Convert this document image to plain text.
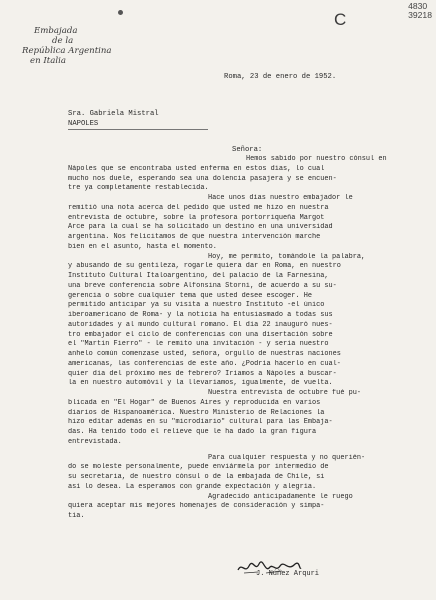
Embajada
de la
República Argentina
en Italia
C
4830
39218
Roma, 23 de enero de 1952.
Sra. Gabriela Mistral
NAPOLES
Señora:
Hemos sabido por nuestro cónsul en
Nápoles que se encontraba usted enferma en estos días, lo cual
mucho nos duele, esperando sea una dolencia pasajera y se encuen-
tre ya completamente restablecida.
Hace unos días nuestro embajador le
remitió una nota acerca del pedido que usted me hizo en nuestra
entrevista de octubre, sobre la profesora portorriqueña Margot
Arce para la cual se ha solicitado un destino en una universidad
argentina. Nos felicitamos de que nuestra intervención marche
bien en el asunto, hasta el momento.
Hoy, me permito, tomándole la palabra,
y abusando de su gentileza, rogarle quiera dar en Roma, en nuestro
Instituto Cultural Italoargentino, del palacio de la Farnesina,
una breve conferencia sobre Alfonsina Storni, de acuerdo a su su-
gerencia o sobre cualquier tema que usted desee escoger. He
permitido anticipar ya su visita a nuestro Instituto -el único
iberoamericano de Roma- y la noticia ha entusiasmado a todas sus
autoridades y al mundo cultural romano. El día 22 inauguró nues-
tro embajador el ciclo de conferencias con una disertación sobre
el "Martín Fierro" - le remito una invitación - y sería nuestro
anhelo común comenzase usted, señora, orgullo de nuestras naciones
americanas, las conferencias de este año. ¿Podría hacerlo en cual-
quier día del próximo mes de febrero? Iríamos a Nápoles a buscar-
la en nuestro automóvil y la llevaríamos, igualmente, de vuelta.
Nuestra entrevista de octubre fué pu-
blicada en "El Hogar" de Buenos Aires y reproducida en varios
diarios de Hispanoamérica. Nuestro Ministerio de Relaciones la
hizo editar además en su "microdiario" cultural para las Embaja-
das. Ha tenido todo el relieve que le ha dado la gran figura
entrevistada.
Para cualquier respuesta y no querién-
do se moleste personalmente, puede enviármela por intermedio de
su secretaria, de nuestro cónsul o de la embajada de Chile, si
así lo desea. La esperamos con grande expectación y alegría.
Agradecido anticipadamente le ruego
quiera aceptar mis mejores homenajes de consideración y simpa-
tía.
J. Núñez Arquri
